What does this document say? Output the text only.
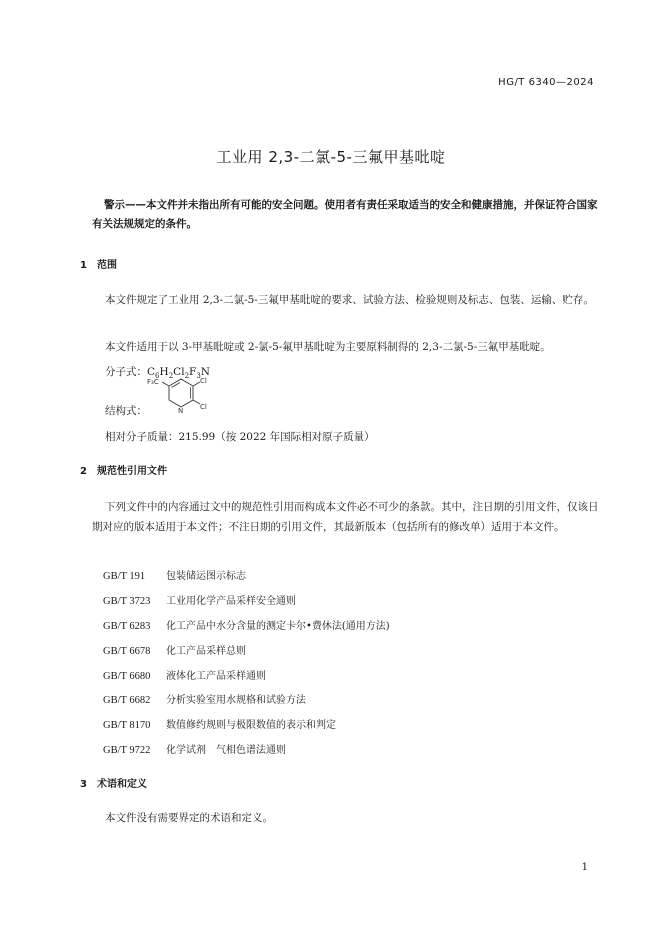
HG/T 6340—2024
工业用 2,3-二氯-5-三氟甲基吡啶
警示——本文件并未指出所有可能的安全问题。使用者有责任采取适当的安全和健康措施，并保证符合国家有关法规规定的条件。
1 范围
本文件规定了工业用 2,3-二氯-5-三氟甲基吡啶的要求、试验方法、检验规则及标志、包装、运输、贮存。
本文件适用于以 3-甲基吡啶或 2-氯-5-氟甲基吡啶为主要原料制得的 2,3-二氯-5-三氟甲基吡啶。
分子式：$C_6H_2Cl_2F_3N$
F₃C	Cl
Cl
N
结构式：
相对分子质量：215.99（按 2022 年国际相对原子质量）
2 规范性引用文件
下列文件中的内容通过文中的规范性引用而构成本文件必不可少的条款。其中，注日期的引用文件，仅该日期对应的版本适用于本文件；不注日期的引用文件，其最新版本（包括所有的修改单）适用于本文件。
GB/T 191 包装储运图示标志
GB/T 3723 工业用化学产品采样安全通则
GB/T 6283 化工产品中水分含量的测定卡尔•费休法(通用方法)
GB/T 6678 化工产品采样总则
GB/T 6680 液体化工产品采样通则
GB/T 6682 分析实验室用水规格和试验方法
GB/T 8170 数值修约规则与极限数值的表示和判定
GB/T 9722 化学试剂　气相色谱法通则
3 术语和定义
本文件没有需要界定的术语和定义。
1
